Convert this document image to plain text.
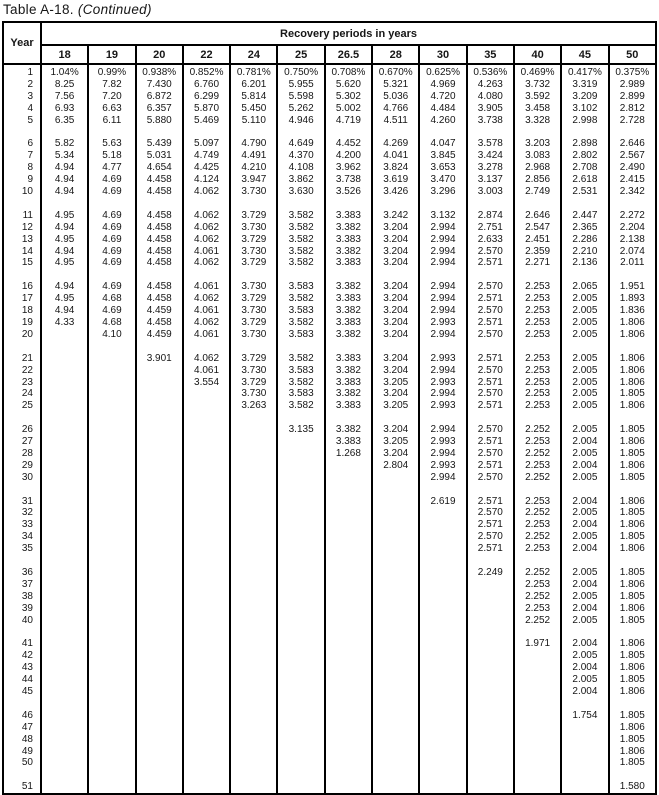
Table A-18. (Continued)
Year	Recovery periods in years												
	18	19	20	22	24	25	26.5	28	30	35	40	45	50
1	1.04%	0.99%	0.938%	0.852%	0.781%	0.750%	0.708%	0.670%	0.625%	0.536%	0.469%	0.417%	0.375%
2	8.25	7.82	7.430	6.760	6.201	5.955	5.620	5.321	4.969	4.263	3.732	3.319	2.989
3	7.56	7.20	6.872	6.299	5.814	5.598	5.302	5.036	4.720	4.080	3.592	3.209	2.899
4	6.93	6.63	6.357	5.870	5.450	5.262	5.002	4.766	4.484	3.905	3.458	3.102	2.812
5	6.35	6.11	5.880	5.469	5.110	4.946	4.719	4.511	4.260	3.738	3.328	2.998	2.728

6	5.82	5.63	5.439	5.097	4.790	4.649	4.452	4.269	4.047	3.578	3.203	2.898	2.646
7	5.34	5.18	5.031	4.749	4.491	4.370	4.200	4.041	3.845	3.424	3.083	2.802	2.567
8	4.94	4.77	4.654	4.425	4.210	4.108	3.962	3.824	3.653	3.278	2.968	2.708	2.490
9	4.94	4.69	4.458	4.124	3.947	3.862	3.738	3.619	3.470	3.137	2.856	2.618	2.415
10	4.94	4.69	4.458	4.062	3.730	3.630	3.526	3.426	3.296	3.003	2.749	2.531	2.342

11	4.95	4.69	4.458	4.062	3.729	3.582	3.383	3.242	3.132	2.874	2.646	2.447	2.272
12	4.94	4.69	4.458	4.062	3.730	3.582	3.382	3.204	2.994	2.751	2.547	2.365	2.204
13	4.95	4.69	4.458	4.062	3.729	3.582	3.383	3.204	2.994	2.633	2.451	2.286	2.138
14	4.94	4.69	4.458	4.061	3.730	3.582	3.382	3.204	2.994	2.570	2.359	2.210	2.074
15	4.95	4.69	4.458	4.062	3.729	3.582	3.383	3.204	2.994	2.571	2.271	2.136	2.011

16	4.94	4.69	4.458	4.061	3.730	3.583	3.382	3.204	2.994	2.570	2.253	2.065	1.951
17	4.95	4.68	4.458	4.062	3.729	3.582	3.383	3.204	2.994	2.571	2.253	2.005	1.893
18	4.94	4.69	4.459	4.061	3.730	3.583	3.382	3.204	2.994	2.570	2.253	2.005	1.836
19	4.33	4.68	4.458	4.062	3.729	3.582	3.383	3.204	2.993	2.571	2.253	2.005	1.806
20		4.10	4.459	4.061	3.730	3.583	3.382	3.204	2.994	2.570	2.253	2.005	1.806

21			3.901	4.062	3.729	3.582	3.383	3.204	2.993	2.571	2.253	2.005	1.806
22				4.061	3.730	3.583	3.382	3.204	2.994	2.570	2.253	2.005	1.806
23				3.554	3.729	3.582	3.383	3.205	2.993	2.571	2.253	2.005	1.806
24					3.730	3.583	3.382	3.204	2.994	2.570	2.253	2.005	1.805
25					3.263	3.582	3.383	3.205	2.993	2.571	2.253	2.005	1.806

26						3.135	3.382	3.204	2.994	2.570	2.252	2.005	1.805
27							3.383	3.205	2.993	2.571	2.253	2.004	1.806
28							1.268	3.204	2.994	2.570	2.252	2.005	1.805
29								2.804	2.993	2.571	2.253	2.004	1.806
30									2.994	2.570	2.252	2.005	1.805

31									2.619	2.571	2.253	2.004	1.806
32										2.570	2.252	2.005	1.805
33										2.571	2.253	2.004	1.806
34										2.570	2.252	2.005	1.805
35										2.571	2.253	2.004	1.806

36										2.249	2.252	2.005	1.805
37											2.253	2.004	1.806
38											2.252	2.005	1.805
39											2.253	2.004	1.806
40											2.252	2.005	1.805

41											1.971	2.004	1.806
42												2.005	1.805
43												2.004	1.806
44												2.005	1.805
45												2.004	1.806

46												1.754	1.805
47													1.806
48													1.805
49													1.806
50													1.805

51													1.580
